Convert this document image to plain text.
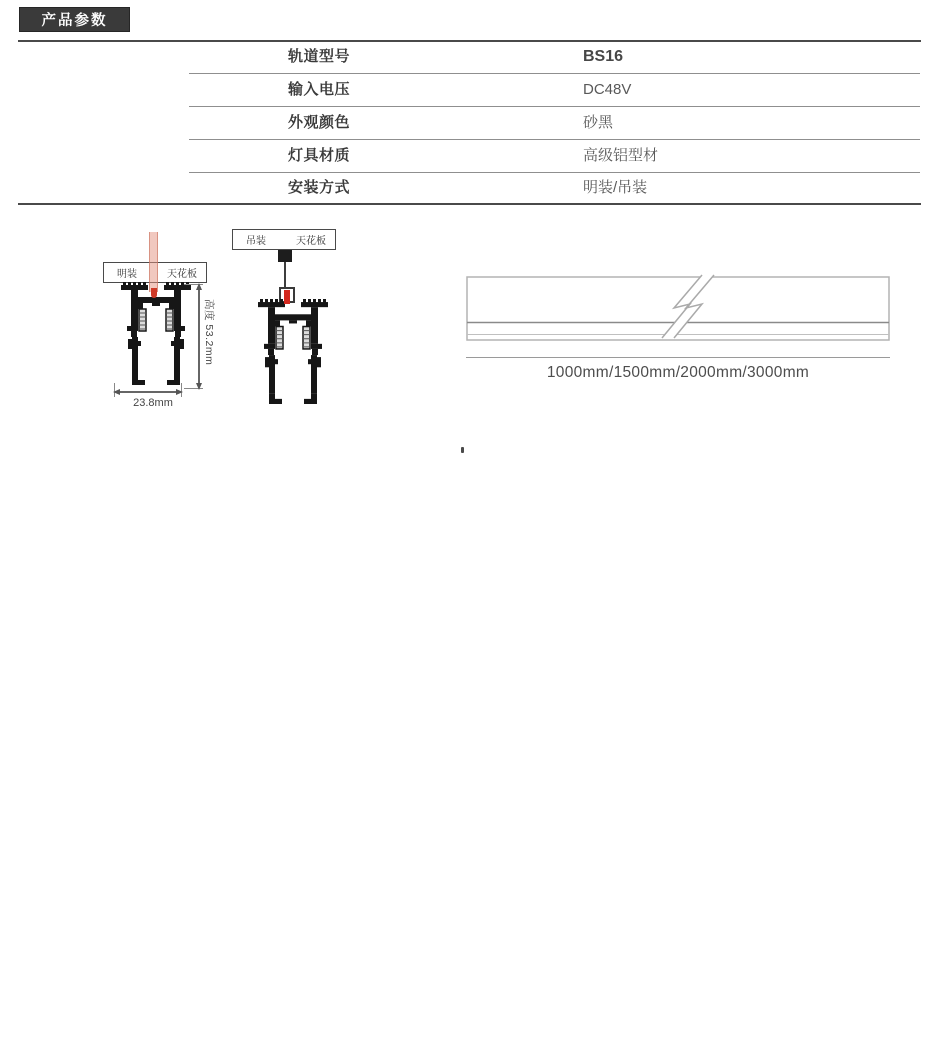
产品参数
轨道型号	BS16
输入电压	DC48V
外观颜色	砂黑
灯具材质	高级铝型材
安装方式	明装/吊装
明装	天花板
高度 53.2mm
23.8mm
吊装	天花板
1000mm/1500mm/2000mm/3000mm
